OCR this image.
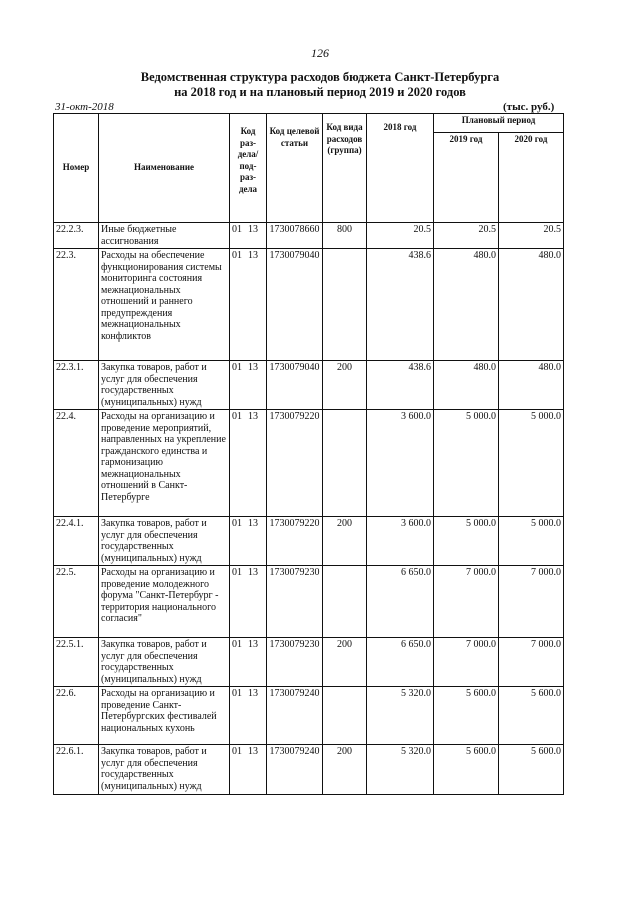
126
Ведомственная структура расходов бюджета Санкт-Петербурга
на 2018 год и на плановый период 2019 и 2020 годов
31-окт-2018	(тыс. руб.)
Номер	Наименование	Код раз- дела/ под- раз- дела	Код целевой статьи	Код вида расходов (группа)	2018 год	Плановый период	
						2019 год	2020 год
22.2.3.	Иные бюджетные ассигнования	01 13	1730078660	800	20.5	20.5	20.5
22.3.	Расходы на обеспечение функционирования системы мониторинга состояния межнациональных отношений и раннего предупреждения межнациональных конфликтов	01 13	1730079040		438.6	480.0	480.0
22.3.1.	Закупка товаров, работ и услуг для обеспечения государственных (муниципальных) нужд	01 13	1730079040	200	438.6	480.0	480.0
22.4.	Расходы на организацию и проведение мероприятий, направленных на укрепление гражданского единства и гармонизацию межнациональных отношений в Санкт-Петербурге	01 13	1730079220		3 600.0	5 000.0	5 000.0
22.4.1.	Закупка товаров, работ и услуг для обеспечения государственных (муниципальных) нужд	01 13	1730079220	200	3 600.0	5 000.0	5 000.0
22.5.	Расходы на организацию и проведение молодежного форума "Санкт-Петербург - территория национального согласия"	01 13	1730079230		6 650.0	7 000.0	7 000.0
22.5.1.	Закупка товаров, работ и услуг для обеспечения государственных (муниципальных) нужд	01 13	1730079230	200	6 650.0	7 000.0	7 000.0
22.6.	Расходы на организацию и проведение Санкт-Петербургских фестивалей национальных кухонь	01 13	1730079240		5 320.0	5 600.0	5 600.0
22.6.1.	Закупка товаров, работ и услуг для обеспечения государственных (муниципальных) нужд	01 13	1730079240	200	5 320.0	5 600.0	5 600.0
